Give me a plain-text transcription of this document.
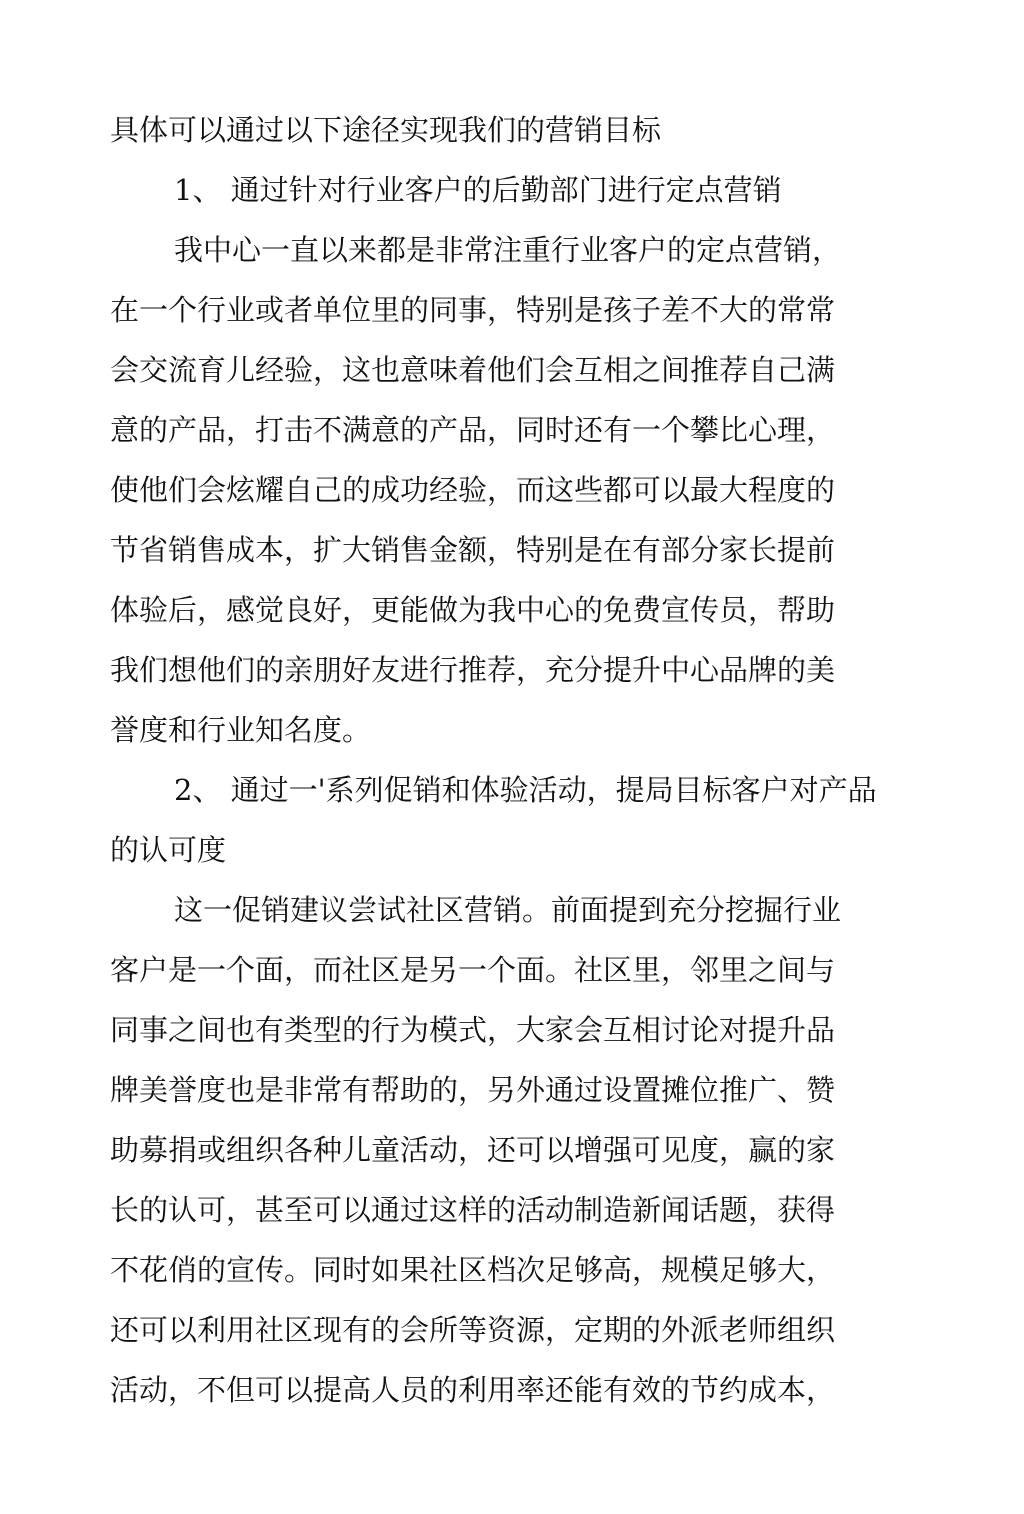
具体可以通过以下途径实现我们的营销目标
1、 通过针对行业客户的后勤部门进行定点营销
我中心一直以来都是非常注重行业客户的定点营销，
在一个行业或者单位里的同事，特别是孩子差不大的常常
会交流育儿经验，这也意味着他们会互相之间推荐自己满
意的产品，打击不满意的产品，同时还有一个攀比心理，
使他们会炫耀自己的成功经验，而这些都可以最大程度的
节省销售成本，扩大销售金额，特别是在有部分家长提前
体验后，感觉良好，更能做为我中心的免费宣传员，帮助
我们想他们的亲朋好友进行推荐，充分提升中心品牌的美
誉度和行业知名度。
2、 通过一'系列促销和体验活动，提局目标客户对产品
的认可度
这一促销建议尝试社区营销。前面提到充分挖掘行业
客户是一个面，而社区是另一个面。社区里，邻里之间与
同事之间也有类型的行为模式，大家会互相讨论对提升品
牌美誉度也是非常有帮助的，另外通过设置摊位推广、赞
助募捐或组织各种儿童活动，还可以增强可见度，赢的家
长的认可，甚至可以通过这样的活动制造新闻话题，获得
不花俏的宣传。同时如果社区档次足够高，规模足够大，
还可以利用社区现有的会所等资源，定期的外派老师组织
活动，不但可以提高人员的利用率还能有效的节约成本，
